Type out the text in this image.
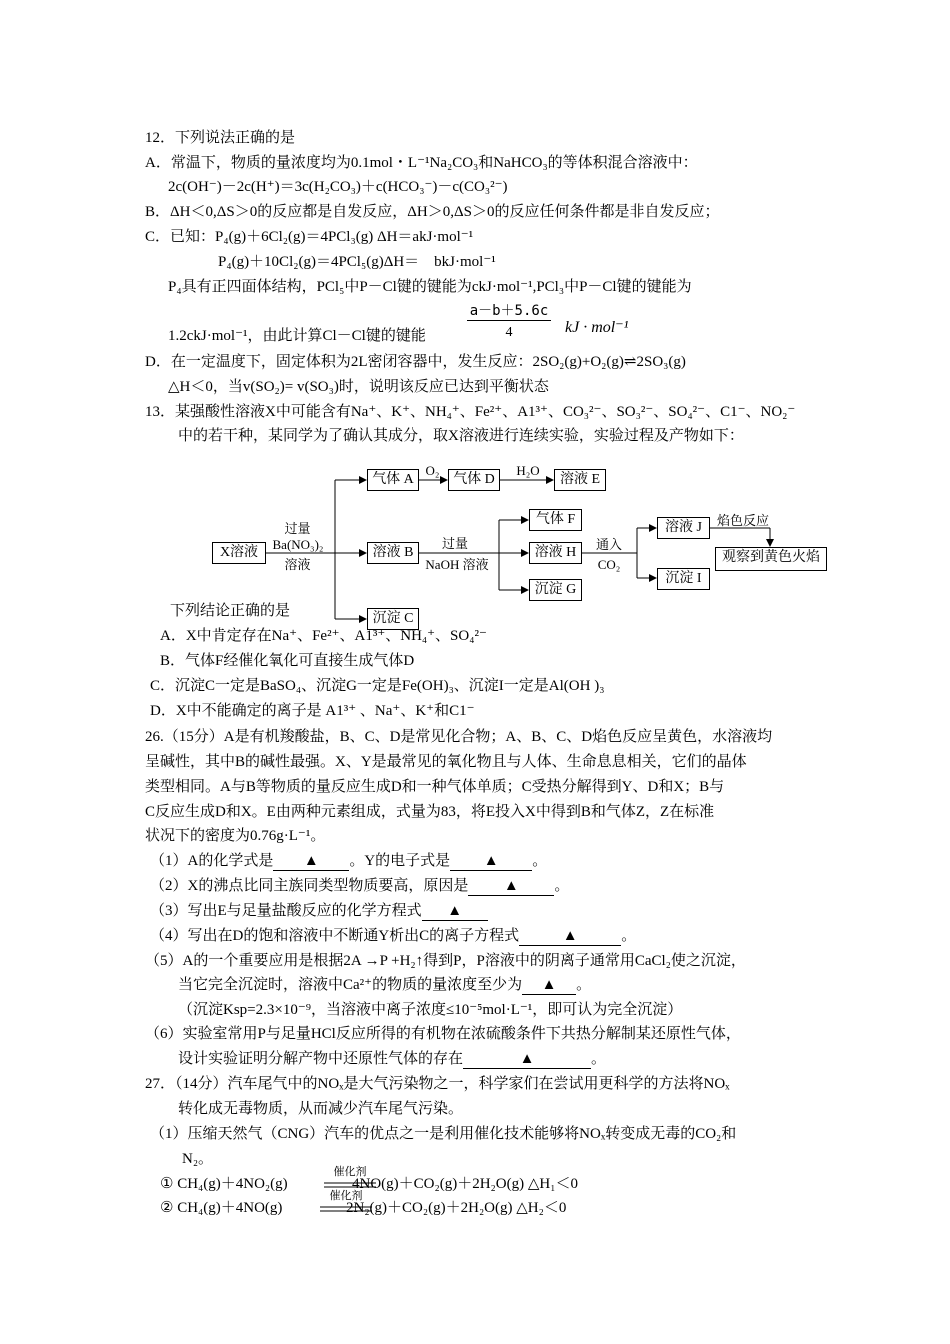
12．下列说法正确的是
A．常温下，物质的量浓度均为0.1mol・L⁻¹Na₂CO₃和NaHCO₃的等体积混合溶液中：
2c(OH⁻)－2c(H⁺)＝3c(H₂CO₃)＋c(HCO₃⁻)－c(CO₃²⁻)
B．ΔH＜0,ΔS＞0的反应都是自发反应，ΔH＞0,ΔS＞0的反应任何条件都是非自发反应；
C．已知：P₄(g)＋6Cl₂(g)＝4PCl₃(g) ΔH＝akJ·mol⁻¹
P₄(g)＋10Cl₂(g)＝4PCl₅(g)ΔH＝　bkJ·mol⁻¹
P₄具有正四面体结构，PCl₅中P－Cl键的键能为ckJ·mol⁻¹,PCl₃中P－Cl键的键能为
1.2ckJ·mol⁻¹，由此计算Cl－Cl键的键能
a－b＋5.6c
4	kJ · mol⁻¹
D．在一定温度下，固定体积为2L密闭容器中，发生反应：2SO₂(g)+O₂(g)⇌2SO₃(g)
△H＜0，当v(SO₂)= v(SO₃)时，说明该反应已达到平衡状态
13．某强酸性溶液X中可能含有Na⁺、K⁺、NH₄⁺、Fe²⁺、A1³⁺、CO₃²⁻、SO₃²⁻、SO₄²⁻、C1⁻、NO₂⁻
中的若干种，某同学为了确认其成分，取X溶液进行连续实验，实验过程及产物如下：
X溶液
气体 A	气体 D	溶液 E
溶液 B
气体 F
溶液 H
沉淀 G
溶液 J
沉淀 I
沉淀 C
观察到黄色火焰
过量
Ba(NO₃)₂
溶液
O₂	H₂O
过量
NaOH 溶液
通入
CO₂
焰色反应
下列结论正确的是
A．X中肯定存在Na⁺、Fe²⁺、A1³⁺、NH₄⁺、SO₄²⁻
B．气体F经催化氧化可直接生成气体D
C．沉淀C一定是BaSO₄、沉淀G一定是Fe(OH)₃、沉淀I一定是Al(OH )₃
D．X中不能确定的离子是 A1³⁺ 、Na⁺、K⁺和C1⁻
26.（15分）A是有机羧酸盐，B、C、D是常见化合物；A、B、C、D焰色反应呈黄色，水溶液均
呈碱性，其中B的碱性最强。X、Y是最常见的氧化物且与人体、生命息息相关，它们的晶体
类型相同。A与B等物质的量反应生成D和一种气体单质；C受热分解得到Y、D和X；B与
C反应生成D和X。E由两种元素组成，式量为83，将E投入X中得到B和气体Z，Z在标准
状况下的密度为0.76g·L⁻¹。
（1）A的化学式是 ▲ 。Y的电子式是 ▲ 。
（2）X的沸点比同主族同类型物质要高，原因是 ▲ 。
（3）写出E与足量盐酸反应的化学方程式 ▲
（4）写出在D的饱和溶液中不断通Y析出C的离子方程式	▲	。
（5）A的一个重要应用是根据2A →P +H₂↑得到P，P溶液中的阴离子通常用CaCl₂使之沉淀，
当它完全沉淀时，溶液中Ca²⁺的物质的量浓度至少为 ▲ 。
（沉淀Ksp=2.3×10⁻⁹，当溶液中离子浓度≤10⁻⁵mol·L⁻¹，即可认为完全沉淀）
（6）实验室常用P与足量HCl反应所得的有机物在浓硫酸条件下共热分解制某还原性气体，
设计实验证明分解产物中还原性气体的存在	▲	。
27．（14分）汽车尾气中的NOₓ是大气污染物之一，科学家们在尝试用更科学的方法将NOₓ
转化成无毒物质，从而减少汽车尾气污染。
（1）压缩天然气（CNG）汽车的优点之一是利用催化技术能够将NOₓ转变成无毒的CO₂和
N₂。
① CH₄(g)＋4NO₂(g)
催化剂
4NO(g)＋CO₂(g)＋2H₂O(g) △H₁＜0
② CH₄(g)＋4NO(g)
催化剂
2N₂(g)＋CO₂(g)＋2H₂O(g) △H₂＜0
